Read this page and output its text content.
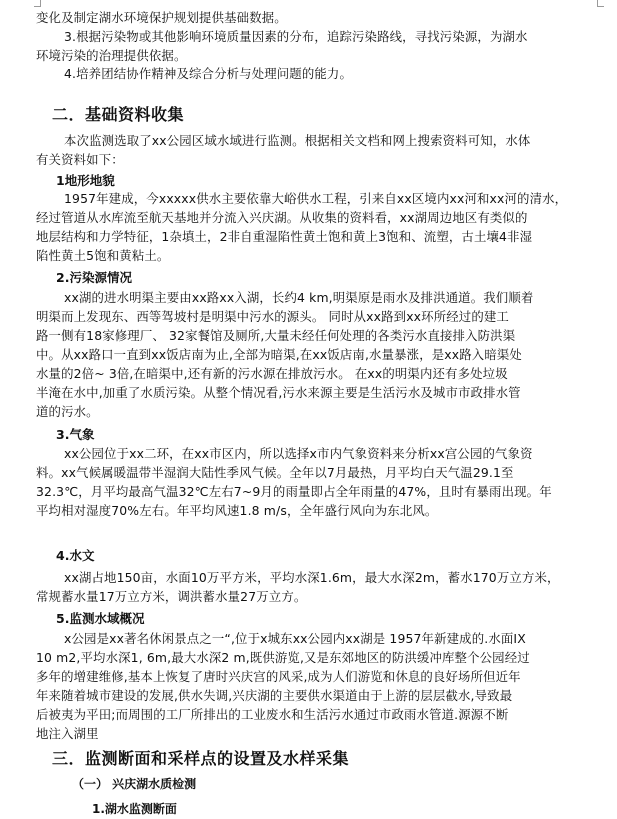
变化及制定湖水环境保护规划提供基础数据。
3.根据污染物或其他影响环境质量因素的分布，追踪污染路线，寻找污染源，为湖水
环境污染的治理提供依据。
4.培养团结协作精神及综合分析与处理问题的能力。
二．基础资料收集
本次监测选取了xx公园区域水域进行监测。根据相关文档和网上搜索资料可知，水体
有关资料如下：
1地形地貌
1957年建成，今xxxxx供水主要依靠大峪供水工程，引来自xx区境内xx河和xx河的清水，
经过管道从水库流至航天基地并分流入兴庆湖。从收集的资料看，xx湖周边地区有类似的
地层结构和力学特征，1杂填土，2非自重湿陷性黄土饱和黄上3饱和、流塑，古土壤4非湿
陷性黄土5饱和黄粘土。
2.污染源情况
xx湖的进水明渠主要由xx路xx入湖，长约4 km,明渠原是雨水及排洪通道。我们顺着
明渠而上发现东、西等驾坡村是明渠中污水的源头。 同时从xx路到xx环所经过的建工
路一侧有18家修理厂、 32家餐馆及厕所,大量未经任何处理的各类污水直接排入防洪渠
中。从xx路口一直到xx饭店南为止,全部为暗渠,在xx饭店南,水量暴涨，是xx路入暗渠处
水量的2倍~ 3倍,在暗渠中,还有新的污水源在排放污水。 在xx的明渠内还有多处垃圾
半淹在水中,加重了水质污染。从整个情况看,污水来源主要是生活污水及城市市政排水管
道的污水。
3.气象
xx公园位于xx二环，在xx市区内，所以选择x市内气象资料来分析xx宫公园的气象资
料。xx气候属暖温带半湿润大陆性季风气候。全年以7月最热，月平均白天气温29.1至
32.3℃，月平均最高气温32℃左右7~9月的雨量即占全年雨量的47%，且时有暴雨出现。年
平均相对湿度70%左右。年平均风速1.8 m/s，全年盛行风向为东北风。
4.水文
xx湖占地150亩，水面10万平方米，平均水深1.6m，最大水深2m，蓄水170万立方米，
常规蓄水量17万立方米，调洪蓄水量27万立方。
5.监测水域概况
x公园是xx著名休闲景点之一“,位于x城东xx公园内xx湖是 1957年新建成的.水面IX
10 m2,平均水深1, 6m,最大水深2 m,既供游览,又是东郊地区的防洪缓冲库整个公园经过
多年的增建维修,基本上恢复了唐时兴庆宫的风采,成为人们游览和休息的良好场所但近年
年来随着城市建设的发展,供水失调,兴庆湖的主要供水渠道由于上游的层层截水,导致最
后被夷为平田;而周围的工厂所排出的工业废水和生活污水通过市政雨水管道.源源不断
地注入湖里
三．监测断面和采样点的设置及水样采集
（一） 兴庆湖水质检测
1.湖水监测断面
